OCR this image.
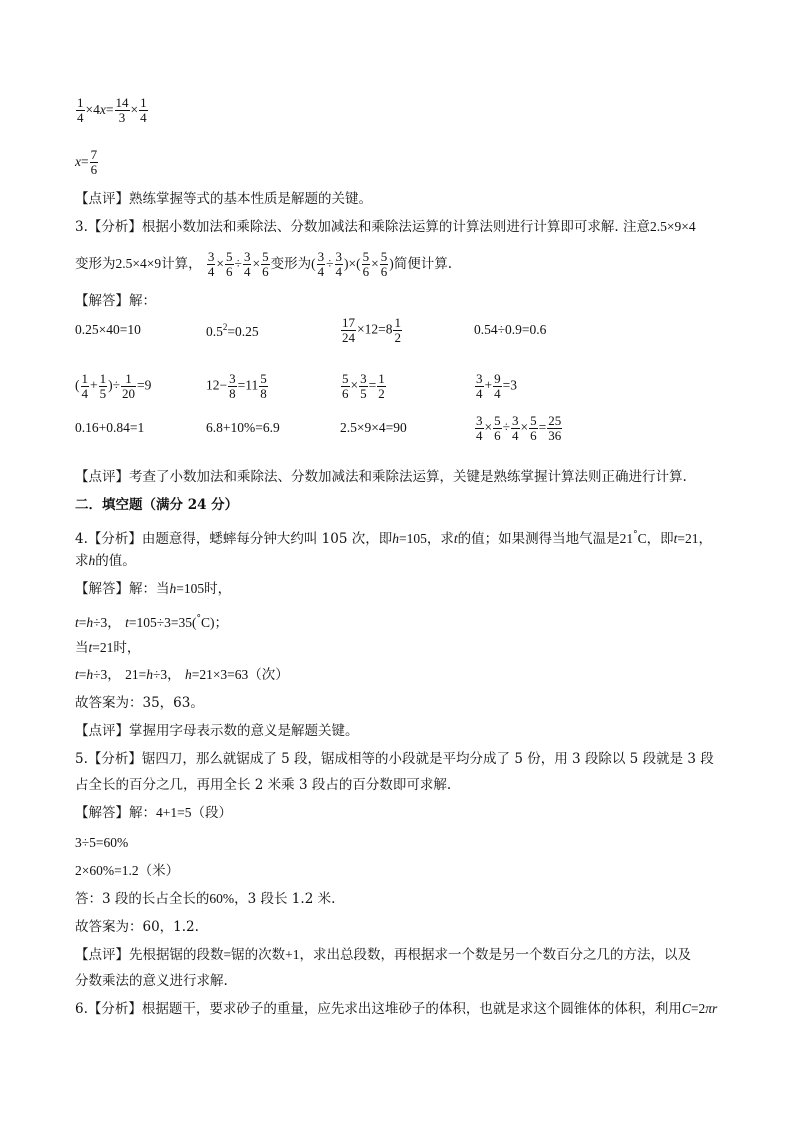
$\frac{1}{4} \times 4x= \frac{14}{3} \times \frac{1}{4}$
$x= \frac{7}{6}$
【点评】熟练掌握等式的基本性质是解题的关键。
3.【分析】根据小数加法和乘除法、分数加减法和乘除法运算的计算法则进行计算即可求解. 注意2.5×9×4
变形为2.5×4×9计算， $\frac{3}{4} \times \frac{5}{6} \div \frac{3}{4} \times \frac{5}{6}$ 变形为( $\frac{3}{4} \div \frac{3}{4}$ )×( $\frac{5}{6} \times \frac{5}{6}$ )简便计算.
【解答】解：
0.25×40=10	$0.5^2=0.25$	$\frac{17}{24} \times 12=8 \frac{1}{2}$	0.54÷0.9=0.6
( $\frac{1}{4} + \frac{1}{5}$ )÷ $\frac{1}{20} =9$	$12- \frac{3}{8} =11 \frac{5}{8}$	$\frac{5}{6} \times \frac{3}{5} = \frac{1}{2}$	$\frac{3}{4} + \frac{9}{4} =3$
0.16+0.84=1	6.8+10%=6.9	2.5×9×4=90	$\frac{3}{4} \times \frac{5}{6} \div \frac{3}{4} \times \frac{5}{6} = \frac{25}{36}$
【点评】考查了小数加法和乘除法、分数加减法和乘除法运算，关键是熟练掌握计算法则正确进行计算.
二．填空题（满分 24 分）
4.【分析】由题意得，蟋蟀每分钟大约叫 105 次，即h=105，求t的值；如果测得当地气温是21°C，即t=21，
求h的值。
【解答】解：当h=105时，
t=h÷3， t=105÷3=35(°C)；
当t=21时，
t=h÷3， 21=h÷3， h=21×3=63（次）
故答案为：35，63。
【点评】掌握用字母表示数的意义是解题关键。
5.【分析】锯四刀，那么就锯成了 5 段，锯成相等的小段就是平均分成了 5 份，用 3 段除以 5 段就是 3 段
占全长的百分之几，再用全长 2 米乘 3 段占的百分数即可求解.
【解答】解：4+1=5（段）
3÷5=60%
2×60%=1.2（米）
答：3 段的长占全长的60%，3 段长 1.2 米.
故答案为：60，1.2.
【点评】先根据锯的段数=锯的次数+1，求出总段数，再根据求一个数是另一个数百分之几的方法，以及
分数乘法的意义进行求解.
6.【分析】根据题干，要求砂子的重量，应先求出这堆砂子的体积，也就是求这个圆锥体的体积，利用C=2πr
